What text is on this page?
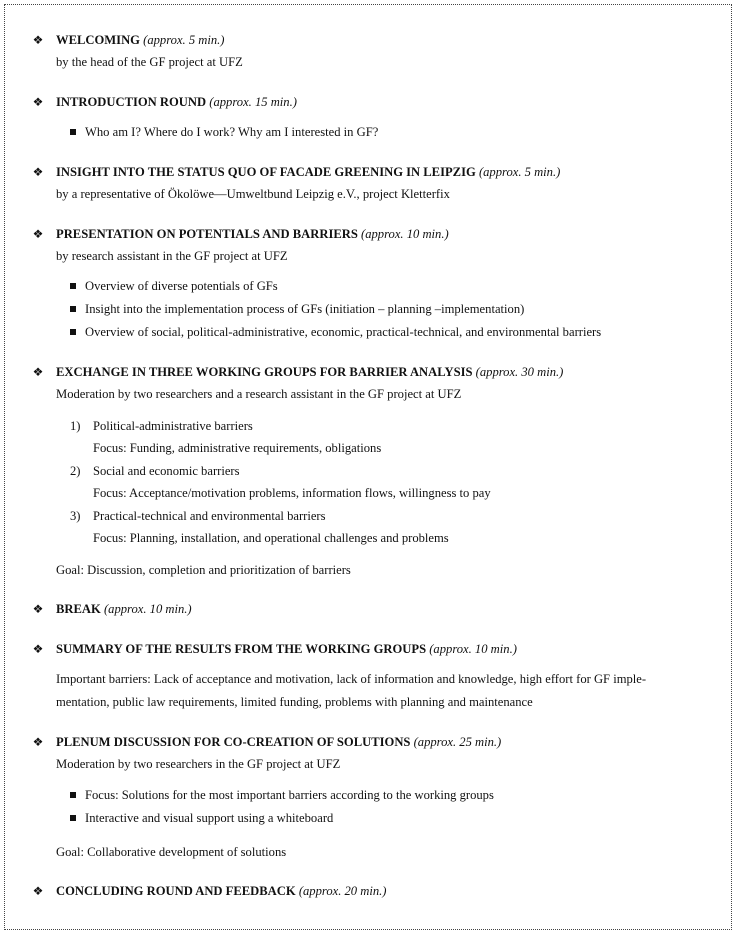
❖ WELCOMING (approx. 5 min.)
by the head of the GF project at UFZ
❖ INTRODUCTION ROUND (approx. 15 min.)
Who am I? Where do I work? Why am I interested in GF?
❖ INSIGHT INTO THE STATUS QUO OF FACADE GREENING IN LEIPZIG (approx. 5 min.)
by a representative of Ökolöwe—Umweltbund Leipzig e.V., project Kletterfix
❖ PRESENTATION ON POTENTIALS AND BARRIERS (approx. 10 min.)
by research assistant in the GF project at UFZ
Overview of diverse potentials of GFs
Insight into the implementation process of GFs (initiation – planning –implementation)
Overview of social, political-administrative, economic, practical-technical, and environmental barriers
❖ EXCHANGE IN THREE WORKING GROUPS FOR BARRIER ANALYSIS (approx. 30 min.)
Moderation by two researchers and a research assistant in the GF project at UFZ
1) Political-administrative barriers
Focus: Funding, administrative requirements, obligations
2) Social and economic barriers
Focus: Acceptance/motivation problems, information flows, willingness to pay
3) Practical-technical and environmental barriers
Focus: Planning, installation, and operational challenges and problems
Goal: Discussion, completion and prioritization of barriers
❖ BREAK (approx. 10 min.)
❖ SUMMARY OF THE RESULTS FROM THE WORKING GROUPS (approx. 10 min.)
Important barriers: Lack of acceptance and motivation, lack of information and knowledge, high effort for GF imple-
mentation, public law requirements, limited funding, problems with planning and maintenance
❖ PLENUM DISCUSSION FOR CO-CREATION OF SOLUTIONS (approx. 25 min.)
Moderation by two researchers in the GF project at UFZ
Focus: Solutions for the most important barriers according to the working groups
Interactive and visual support using a whiteboard
Goal: Collaborative development of solutions
❖ CONCLUDING ROUND AND FEEDBACK (approx. 20 min.)
